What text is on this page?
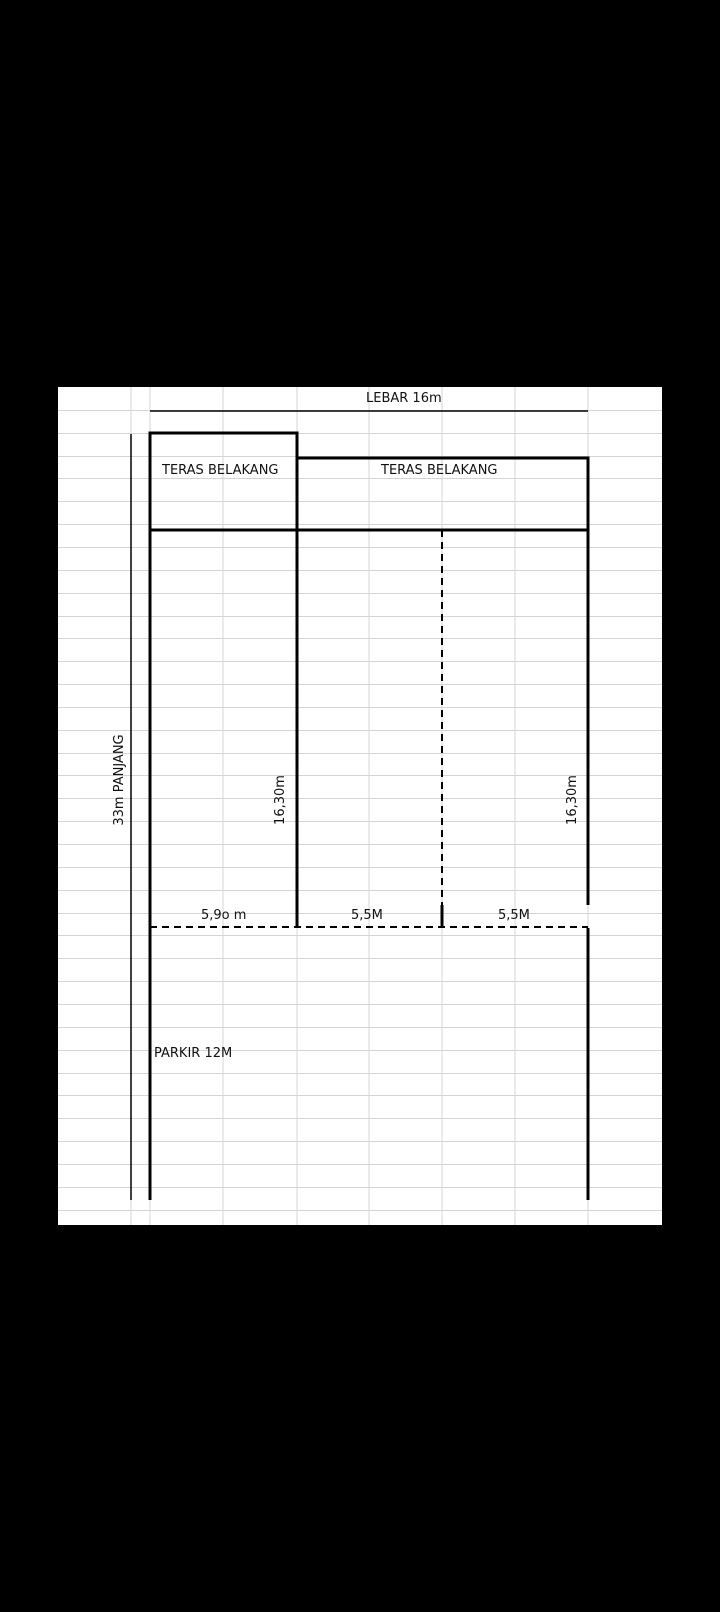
LEBAR 16m
TERAS BELAKANG	TERAS BELAKANG
33m PANJANG	16,30m	16,30m
5,9o m	5,5M	5,5M
PARKIR 12M
